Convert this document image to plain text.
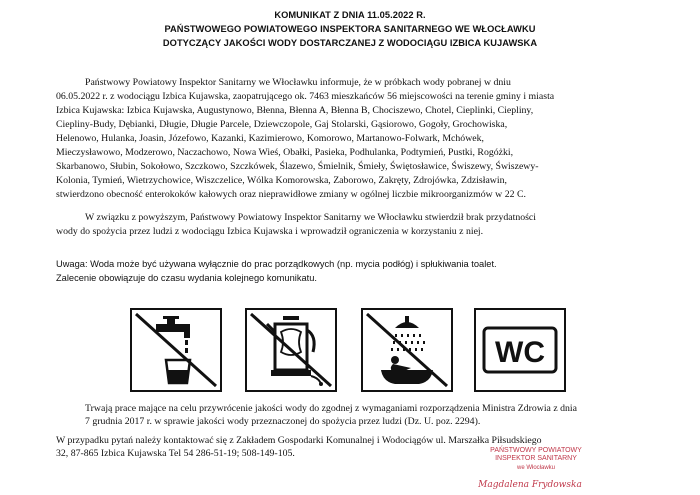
KOMUNIKAT Z DNIA 11.05.2022 R.
PAŃSTWOWEGO POWIATOWEGO INSPEKTORA SANITARNEGO WE WŁOCŁAWKU
DOTYCZĄCY JAKOŚCI WODY DOSTARCZANEJ Z WODOCIĄGU IZBICA KUJAWSKA
Państwowy Powiatowy Inspektor Sanitarny we Włocławku informuje, że w próbkach wody pobranej w dniu
06.05.2022 r. z wodociągu Izbica Kujawska, zaopatrującego ok. 7463 mieszkańców 56 miejscowości na terenie gminy i miasta
Izbica Kujawska: Izbica Kujawska, Augustynowo, Błenna, Błenna A, Błenna B, Chociszewo, Chotel, Cieplinki, Ciepliny,
Ciepliny-Budy, Dębianki, Długie, Długie Parcele, Dziewczopole, Gaj Stolarski, Gąsiorowo, Gogoły, Grochowiska,
Helenowo, Hulanka, Joasin, Józefowo, Kazanki, Kazimierowo, Komorowo, Martanowo-Folwark, Mchówek,
Mieczysławowo, Modzerowo, Naczachowo, Nowa Wieś, Obałki, Pasieka, Podhulanka, Podtymień, Pustki, Rogóżki,
Skarbanowo, Słubin, Sokołowo, Szczkowo, Szczkówek, Ślazewo, Śmielnik, Śmieły, Świętosławice, Świszewy, Świszewy-
Kolonia, Tymień, Wietrzychowice, Wiszczelice, Wólka Komorowska, Zaborowo, Zakręty, Zdrojówka, Zdzisławin,
stwierdzono obecność enterokoków kałowych oraz nieprawidłowe zmiany w ogólnej liczbie mikroorganizmów w 22 C.
W związku z powyższym, Państwowy Powiatowy Inspektor Sanitarny we Włocławku stwierdził brak przydatności
wody do spożycia przez ludzi z wodociągu Izbica Kujawska i wprowadził ograniczenia w korzystaniu z niej.
Uwaga: Woda może być używana wyłącznie do prac porządkowych (np. mycia podłóg) i spłukiwania toalet.
Zalecenie obowiązuje do czasu wydania kolejnego komunikatu.
WC
Trwają prace mające na celu przywrócenie jakości wody do zgodnej z wymaganiami rozporządzenia Ministra Zdrowia z dnia
7 grudnia 2017 r. w sprawie jakości wody przeznaczonej do spożycia przez ludzi (Dz. U. poz. 2294).
W przypadku pytań należy kontaktować się z Zakładem Gospodarki Komunalnej i Wodociągów ul. Marszałka Piłsudskiego
32, 87-865 Izbica Kujawska Tel 54 286-51-19; 508-149-105.	PAŃSTWOWY POWIATOWY
INSPEKTOR SANITARNY
we Włocławku
Magdalena Frydowska
